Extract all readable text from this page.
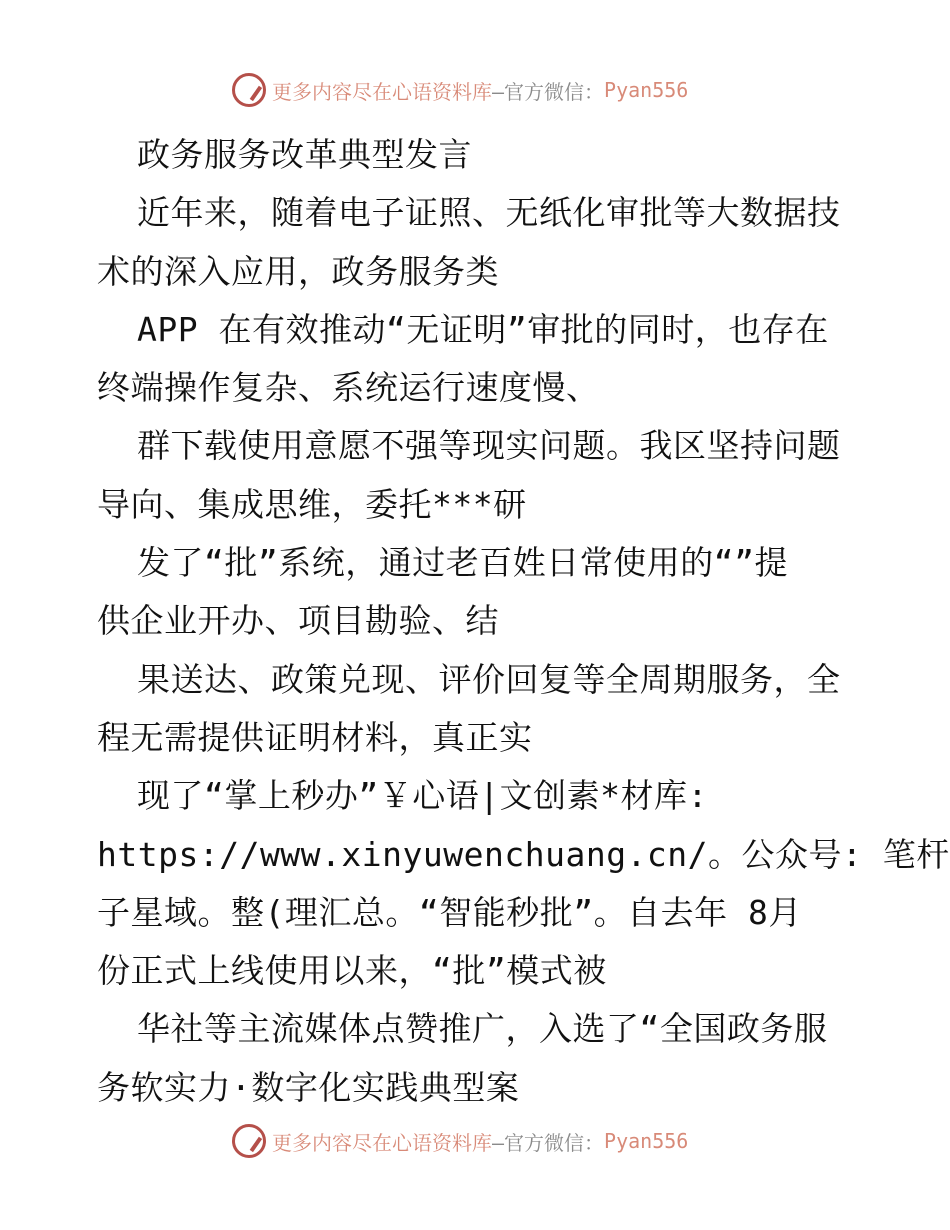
更多内容尽在心语资料库 —官方微信： Pyan556
政务服务改革典型发言
近年来，随着电子证照、无纸化审批等大数据技
术的深入应用，政务服务类
APP 在有效推动“无证明”审批的同时，也存在
终端操作复杂、系统运行速度慢、
群下载使用意愿不强等现实问题。我区坚持问题
导向、集成思维，委托***研
发了“批”系统，通过老百姓日常使用的“”提
供企业开办、项目勘验、结
果送达、政策兑现、评价回复等全周期服务，全
程无需提供证明材料，真正实
现了“掌上秒办”￥心语|文创素*材库:
https://www.xinyuwenchuang.cn/。公众号: 笔杆
子星域。整(理汇总。“智能秒批”。自去年 8月
份正式上线使用以来，“批”模式被
华社等主流媒体点赞推广，入选了“全国政务服
务软实力·数字化实践典型案
更多内容尽在心语资料库 —官方微信： Pyan556
